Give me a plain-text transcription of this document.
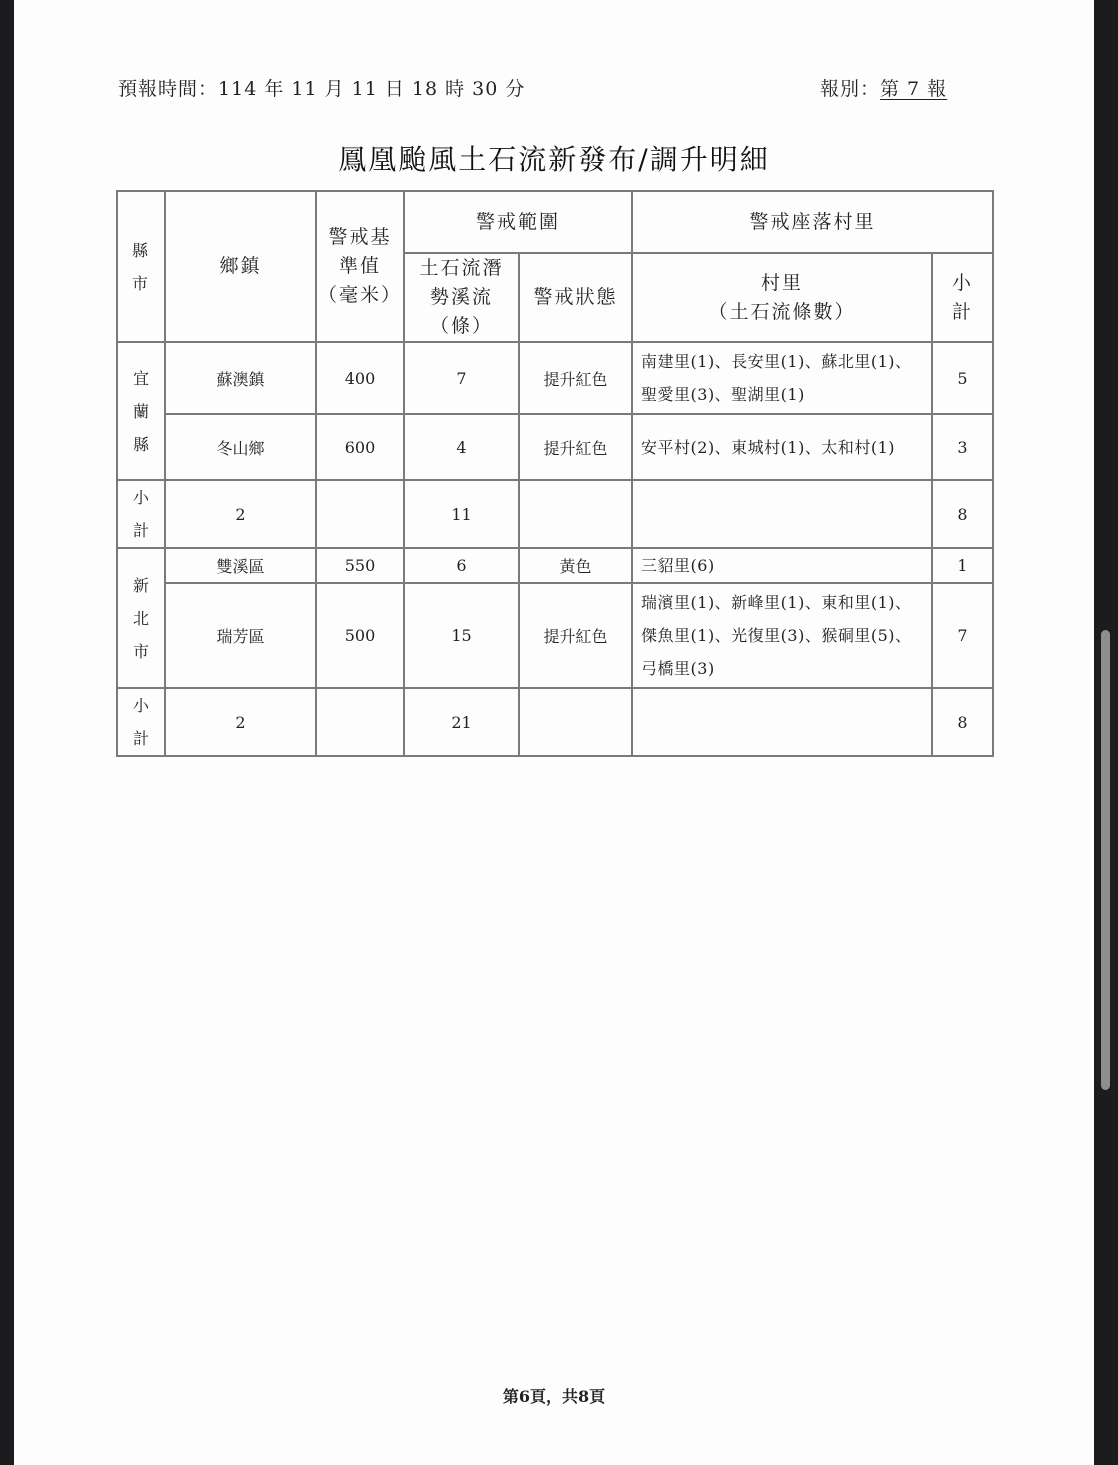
預報時間：114 年 11 月 11 日 18 時 30 分	報別：第 7 報
鳳凰颱風土石流新發布/調升明細
縣
市	鄉鎮	警戒基
準值
（毫米）	警戒範圍		警戒座落村里	

			土石流潛
勢溪流
（條）	警戒狀態	村里
（土石流條數）	小
計

宜
蘭
縣	蘇澳鎮	400	7	提升紅色	南建里(1)、長安里(1)、蘇北里(1)、聖愛里(3)、聖湖里(1)	5
	冬山鄉	600	4	提升紅色	安平村(2)、東城村(1)、太和村(1)	3

小
計	2		11			8

新
北
市	雙溪區	550	6	黃色	三貂里(6)	1
	瑞芳區	500	15	提升紅色	瑞濱里(1)、新峰里(1)、東和里(1)、傑魚里(1)、光復里(3)、猴硐里(5)、弓橋里(3)	7

小
計	2		21			8
第6頁，共8頁
